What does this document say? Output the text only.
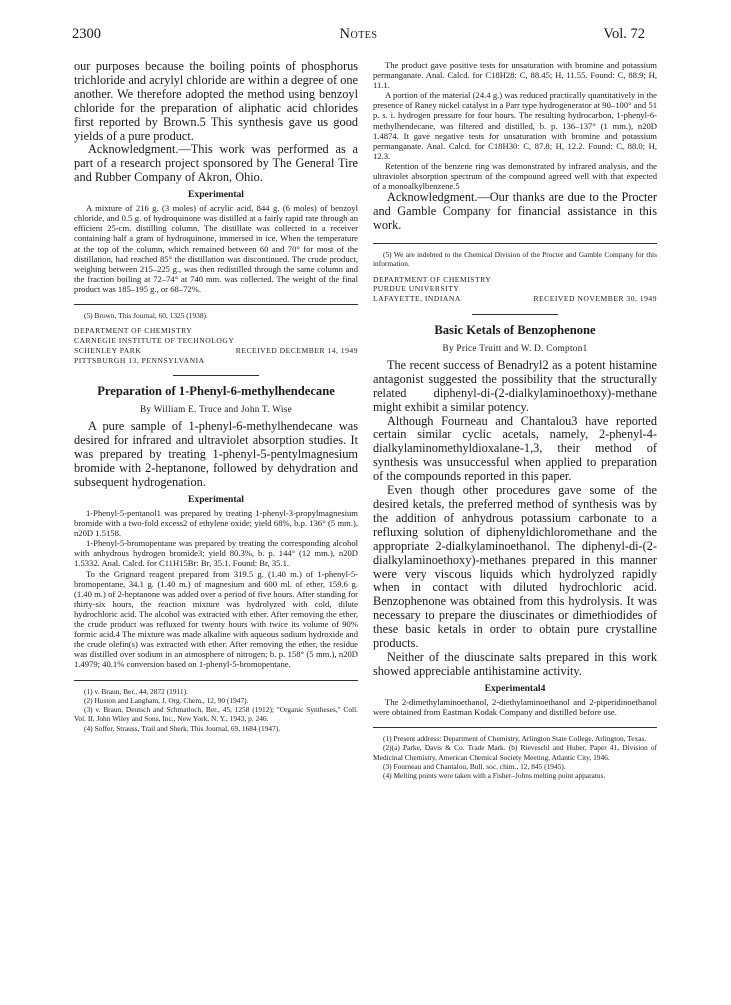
2300	Notes	Vol. 72

our purposes because the boiling points of phosphorus trichloride and acrylyl chloride are within a degree of one another. We therefore adopted the method using benzoyl chloride for the preparation of aliphatic acid chlorides first reported by Brown.5 This synthesis gave us good yields of a pure product.

Acknowledgment.—This work was performed as a part of a research project sponsored by The General Tire and Rubber Company of Akron, Ohio.

Experimental

A mixture of 216 g. (3 moles) of acrylic acid, 844 g. (6 moles) of benzoyl chloride, and 0.5 g. of hydroquinone was distilled at a fairly rapid rate through an efficient 25-cm. distilling column. The distillate was collected in a receiver containing half a gram of hydroquinone, immersed in ice. When the temperature at the top of the column, which remained between 60 and 70° for most of the distillation, had reached 85° the distillation was discontinued. The crude product, weighing between 215–225 g., was then redistilled through the same column and the fraction boiling at 72–74° at 740 mm. was collected. The weight of the final product was 185–195 g., or 68–72%.

(5) Brown, This Journal, 60, 1325 (1938).

DEPARTMENT OF CHEMISTRY
CARNEGIE INSTITUTE OF TECHNOLOGY
SCHENLEY PARK	RECEIVED DECEMBER 14, 1949
PITTSBURGH 13, PENNSYLVANIA
Preparation of 1-Phenyl-6-methylhendecane
By William E. Truce and John T. Wise

A pure sample of 1-phenyl-6-methylhendecane was desired for infrared and ultraviolet absorption studies. It was prepared by treating 1-phenyl-5-pentylmagnesium bromide with 2-heptanone, followed by dehydration and subsequent hydrogenation.

Experimental

1-Phenyl-5-pentanol1 was prepared by treating 1-phenyl-3-propylmagnesium bromide with a two-fold excess2 of ethylene oxide; yield 68%, b.p. 136° (5 mm.), n20D 1.5158.

1-Phenyl-5-bromopentane was prepared by treating the corresponding alcohol with anhydrous hydrogen bromide3; yield 80.3%, b. p. 144° (12 mm.), n20D 1.5332. Anal. Calcd. for C11H15Br: Br, 35.1. Found: Br, 35.1.

To the Grignard reagent prepared from 319.5 g. (1.40 m.) of 1-phenyl-5-bromopentane, 34.1 g. (1.40 m.) of magnesium and 600 ml. of ether, 159.6 g. (1.40 m.) of 2-heptanone was added over a period of five hours. After standing for thirty-six hours, the reaction mixture was hydrolyzed with cold, dilute hydrochloric acid. The alcohol was extracted with ether. After removing the ether, the crude product was refluxed for twenty hours with twice its volume of 90% formic acid.4 The mixture was made alkaline with aqueous sodium hydroxide and the crude olefin(s) was extracted with ether. After removing the ether, the residue was distilled over sodium in an atmosphere of nitrogen; b. p. 158° (5 mm.), n20D 1.4979; 40.1% conversion based on 1-phenyl-5-bromopentane.

(1) v. Braun, Ber., 44, 2872 (1911).

(2) Huston and Langham, J. Org. Chem., 12, 90 (1947).

(3) v. Braun, Deutsch and Schmatloch, Ber., 45, 1258 (1912); "Organic Syntheses," Coll. Vol. II, John Wiley and Sons, Inc., New York, N. Y., 1943, p. 246.

(4) Soffer, Strauss, Trail and Sherk, This Journal, 69, 1684 (1947).

The product gave positive tests for unsaturation with bromine and potassium permanganate. Anal. Calcd. for C18H28: C, 88.45; H, 11.55. Found: C, 88.9; H, 11.1.

A portion of the material (24.4 g.) was reduced practically quantitatively in the presence of Raney nickel catalyst in a Parr type hydrogenerator at 90–100° and 51 p. s. i. hydrogen pressure for four hours. The resulting hydrocarbon, 1-phenyl-6-methylhendecane, was filtered and distilled, b. p. 136–137° (1 mm.), n20D 1.4874. It gave negative tests for unsaturation with bromine and potassium permanganate. Anal. Calcd. for C18H30: C, 87.8; H, 12.2. Found: C, 88.0; H, 12.3.

Retention of the benzene ring was demonstrated by infrared analysis, and the ultraviolet absorption spectrum of the compound agreed well with that expected of a monoalkylbenzene.5

Acknowledgment.—Our thanks are due to the Procter and Gamble Company for financial assistance in this work.

(5) We are indebted to the Chemical Division of the Procter and Gamble Company for this information.

DEPARTMENT OF CHEMISTRY
PURDUE UNIVERSITY
LAFAYETTE, INDIANA	RECEIVED NOVEMBER 30, 1949
Basic Ketals of Benzophenone
By Price Truitt and W. D. Compton1

The recent success of Benadryl2 as a potent histamine antagonist suggested the possibility that the structurally related diphenyl-di-(2-dialkylaminoethoxy)-methane might exhibit a similar potency.

Although Fourneau and Chantalou3 have reported certain similar cyclic acetals, namely, 2-phenyl-4-dialkylaminomethyldioxalane-1,3, their method of synthesis was unsuccessful when applied to preparation of the compounds reported in this paper.

Even though other procedures gave some of the desired ketals, the preferred method of synthesis was by the addition of anhydrous potassium carbonate to a refluxing solution of diphenyldichloromethane and the appropriate 2-dialkylaminoethanol. The diphenyl-di-(2-dialkylaminoethoxy)-methanes prepared in this manner were very viscous liquids which hydrolyzed rapidly when in contact with diluted hydrochloric acid. Benzophenone was obtained from this hydrolysis. It was necessary to prepare the diuscinates or dimethiodides of these basic ketals in order to obtain pure crystalline products.

Neither of the diuscinate salts prepared in this work showed appreciable antihistamine activity.

Experimental4

The 2-dimethylaminoethanol, 2-diethylaminoethanol and 2-piperidinoethanol were obtained from Eastman Kodak Company and distilled before use.

(1) Present address: Department of Chemistry, Arlington State College, Arlington, Texas.

(2)(a) Parke, Davis & Co. Trade Mark. (b) Rieveschl and Huber, Paper 41, Division of Medicinal Chemistry, American Chemical Society Meeting, Atlantic City, 1946.

(3) Fourneau and Chantalou, Bull. soc. chim., 12, 845 (1945).

(4) Melting points were taken with a Fisher–Johns melting point apparatus.
